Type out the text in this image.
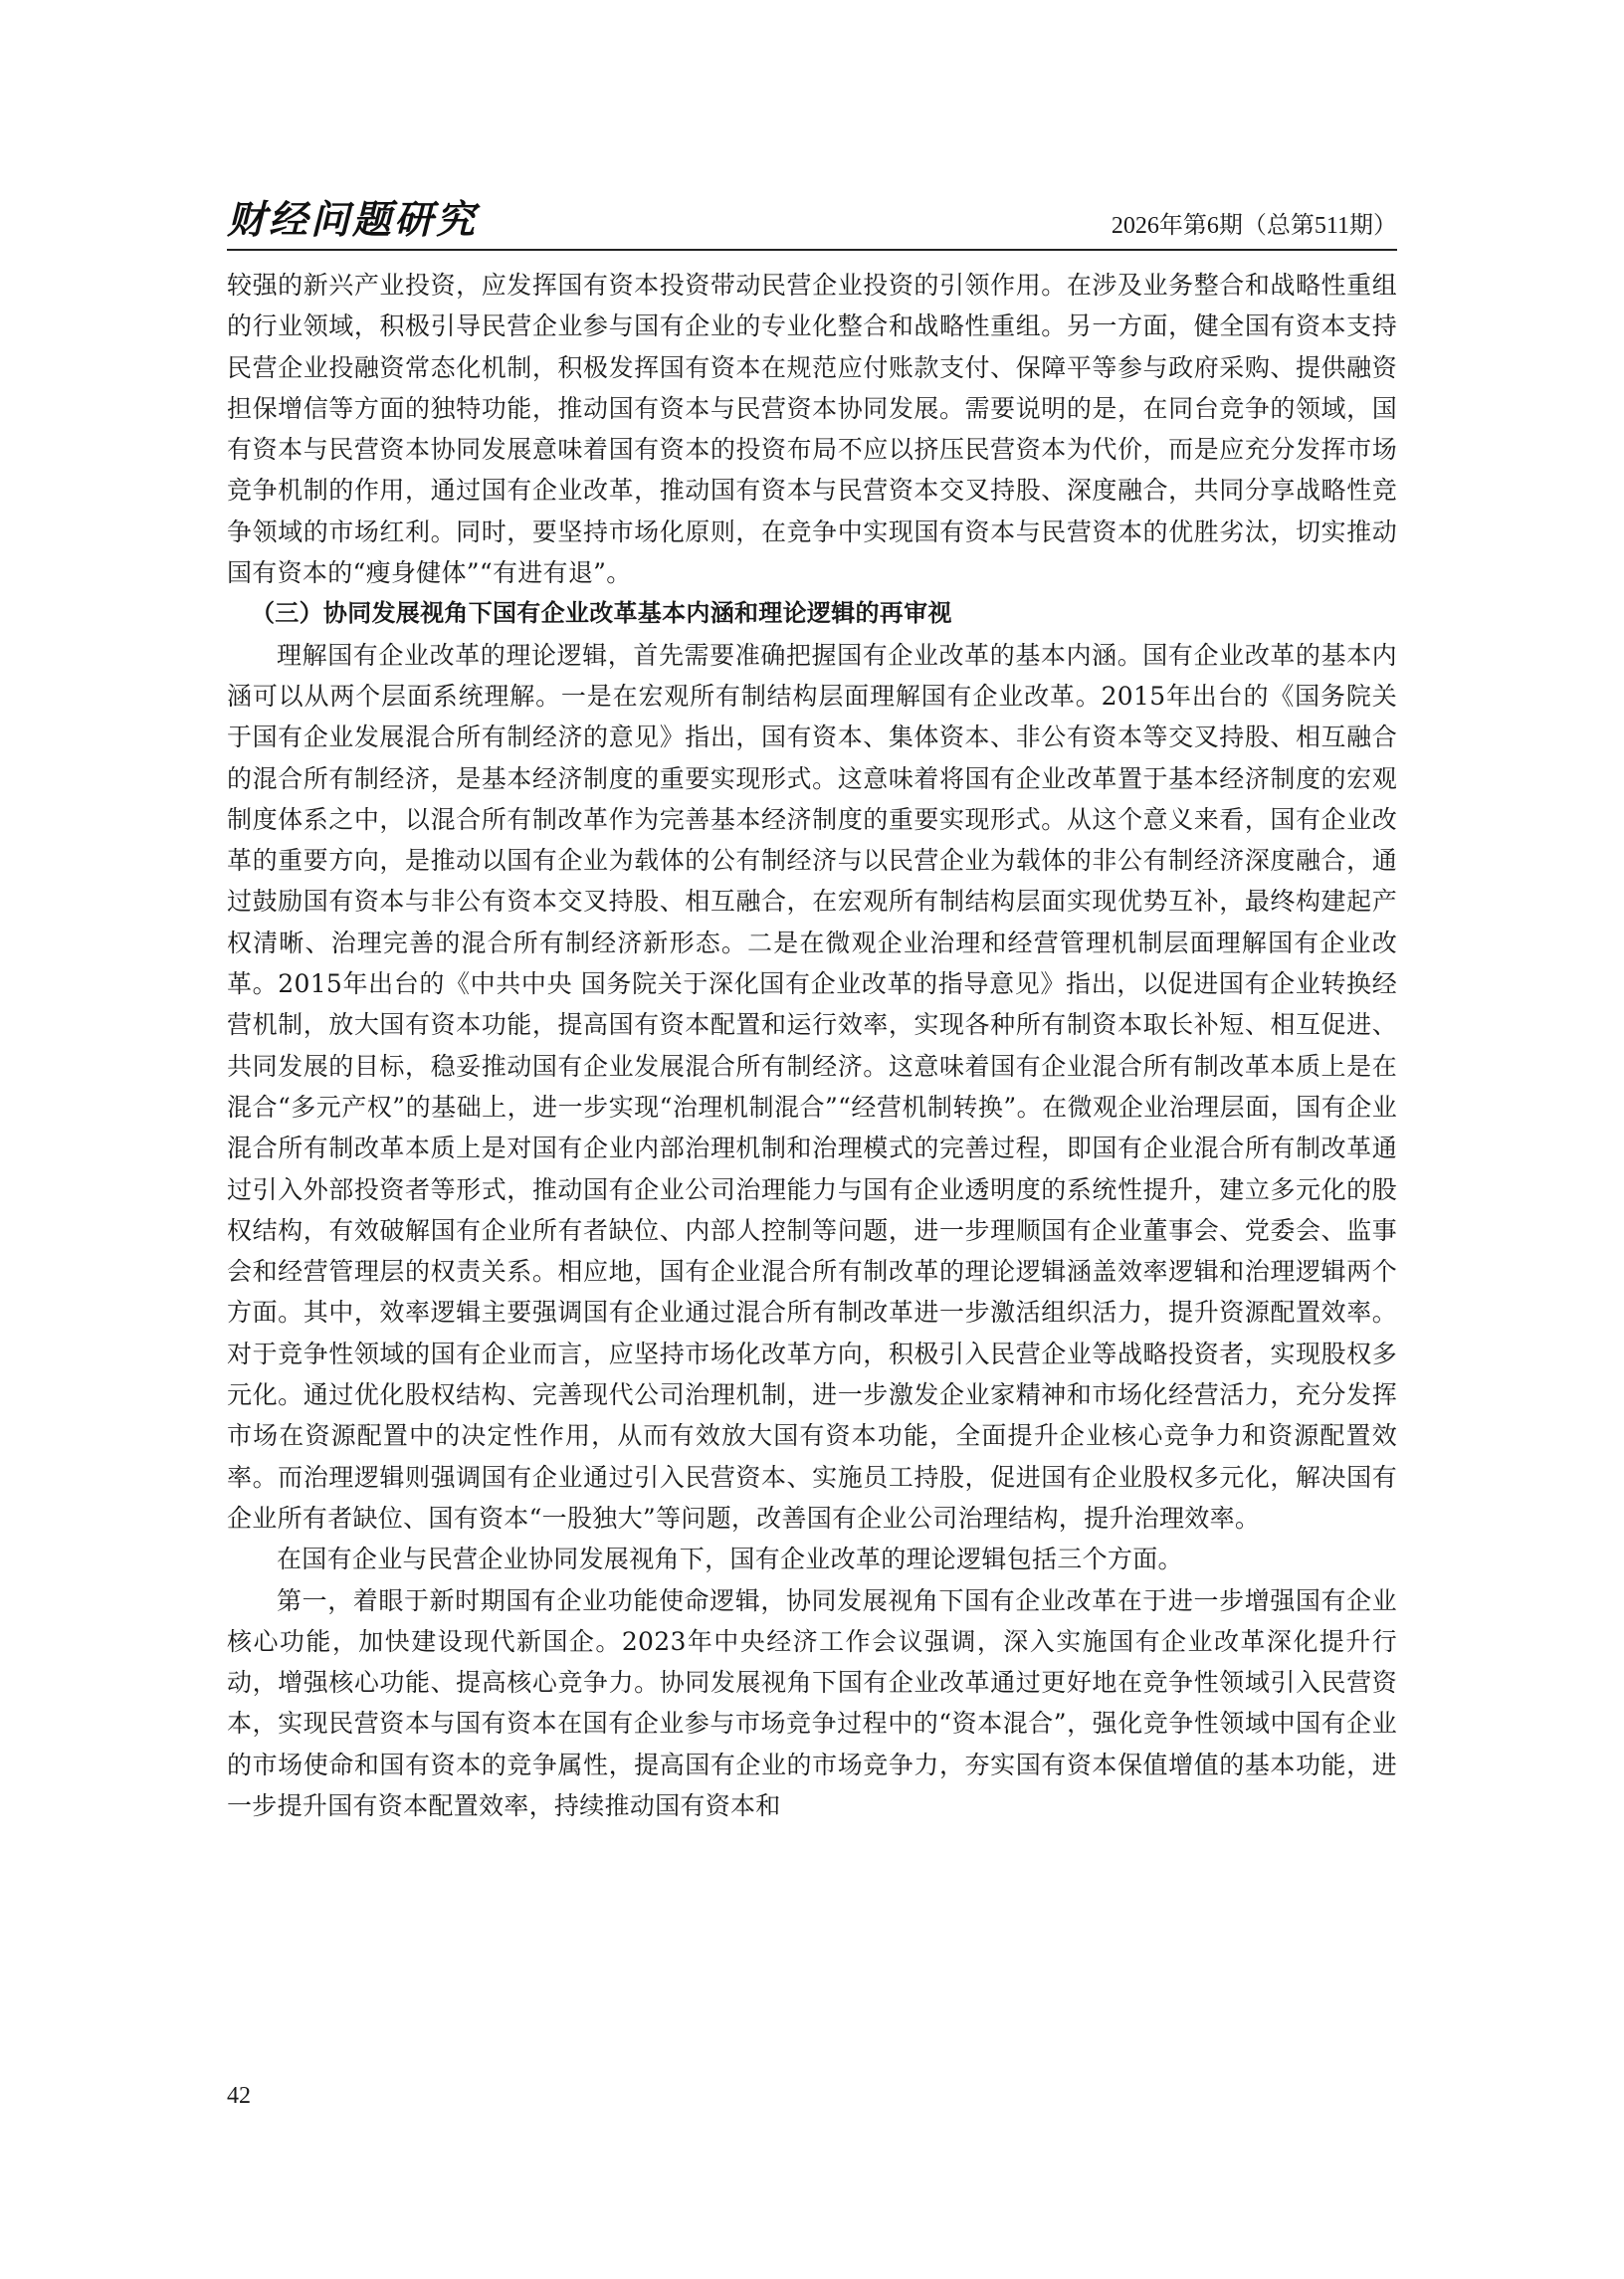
财经问题研究	2026年第6期（总第511期）

较强的新兴产业投资，应发挥国有资本投资带动民营企业投资的引领作用。在涉及业务整合和战略性重组的行业领域，积极引导民营企业参与国有企业的专业化整合和战略性重组。另一方面，健全国有资本支持民营企业投融资常态化机制，积极发挥国有资本在规范应付账款支付、保障平等参与政府采购、提供融资担保增信等方面的独特功能，推动国有资本与民营资本协同发展。需要说明的是，在同台竞争的领域，国有资本与民营资本协同发展意味着国有资本的投资布局不应以挤压民营资本为代价，而是应充分发挥市场竞争机制的作用，通过国有企业改革，推动国有资本与民营资本交叉持股、深度融合，共同分享战略性竞争领域的市场红利。同时，要坚持市场化原则，在竞争中实现国有资本与民营资本的优胜劣汰，切实推动国有资本的“瘦身健体”“有进有退”。

（三）协同发展视角下国有企业改革基本内涵和理论逻辑的再审视

理解国有企业改革的理论逻辑，首先需要准确把握国有企业改革的基本内涵。国有企业改革的基本内涵可以从两个层面系统理解。一是在宏观所有制结构层面理解国有企业改革。2015年出台的《国务院关于国有企业发展混合所有制经济的意见》指出，国有资本、集体资本、非公有资本等交叉持股、相互融合的混合所有制经济，是基本经济制度的重要实现形式。这意味着将国有企业改革置于基本经济制度的宏观制度体系之中，以混合所有制改革作为完善基本经济制度的重要实现形式。从这个意义来看，国有企业改革的重要方向，是推动以国有企业为载体的公有制经济与以民营企业为载体的非公有制经济深度融合，通过鼓励国有资本与非公有资本交叉持股、相互融合，在宏观所有制结构层面实现优势互补，最终构建起产权清晰、治理完善的混合所有制经济新形态。二是在微观企业治理和经营管理机制层面理解国有企业改革。2015年出台的《中共中央 国务院关于深化国有企业改革的指导意见》指出，以促进国有企业转换经营机制，放大国有资本功能，提高国有资本配置和运行效率，实现各种所有制资本取长补短、相互促进、共同发展的目标，稳妥推动国有企业发展混合所有制经济。这意味着国有企业混合所有制改革本质上是在混合“多元产权”的基础上，进一步实现“治理机制混合”“经营机制转换”。在微观企业治理层面，国有企业混合所有制改革本质上是对国有企业内部治理机制和治理模式的完善过程，即国有企业混合所有制改革通过引入外部投资者等形式，推动国有企业公司治理能力与国有企业透明度的系统性提升，建立多元化的股权结构，有效破解国有企业所有者缺位、内部人控制等问题，进一步理顺国有企业董事会、党委会、监事会和经营管理层的权责关系。相应地，国有企业混合所有制改革的理论逻辑涵盖效率逻辑和治理逻辑两个方面。其中，效率逻辑主要强调国有企业通过混合所有制改革进一步激活组织活力，提升资源配置效率。对于竞争性领域的国有企业而言，应坚持市场化改革方向，积极引入民营企业等战略投资者，实现股权多元化。通过优化股权结构、完善现代公司治理机制，进一步激发企业家精神和市场化经营活力，充分发挥市场在资源配置中的决定性作用，从而有效放大国有资本功能，全面提升企业核心竞争力和资源配置效率。而治理逻辑则强调国有企业通过引入民营资本、实施员工持股，促进国有企业股权多元化，解决国有企业所有者缺位、国有资本“一股独大”等问题，改善国有企业公司治理结构，提升治理效率。

在国有企业与民营企业协同发展视角下，国有企业改革的理论逻辑包括三个方面。

第一，着眼于新时期国有企业功能使命逻辑，协同发展视角下国有企业改革在于进一步增强国有企业核心功能，加快建设现代新国企。2023年中央经济工作会议强调，深入实施国有企业改革深化提升行动，增强核心功能、提高核心竞争力。协同发展视角下国有企业改革通过更好地在竞争性领域引入民营资本，实现民营资本与国有资本在国有企业参与市场竞争过程中的“资本混合”，强化竞争性领域中国有企业的市场使命和国有资本的竞争属性，提高国有企业的市场竞争力，夯实国有资本保值增值的基本功能，进一步提升国有资本配置效率，持续推动国有资本和

42
